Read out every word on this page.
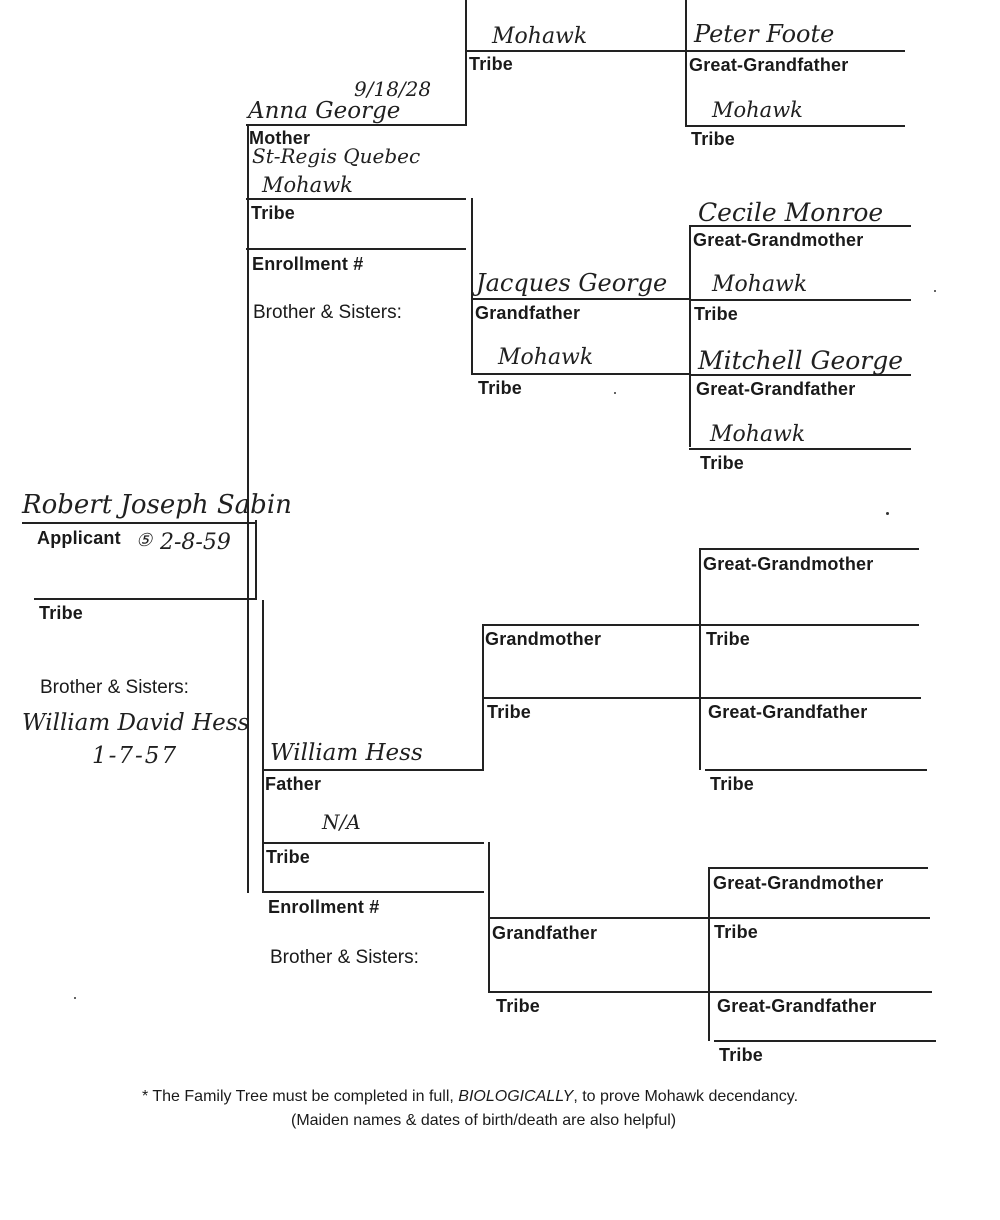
Robert Joseph Sabin
Applicant ⑤ 2-8-59
Tribe
Brother & Sisters:
William David Hess
1-7-57
9/18/28
Anna George
Mother
St-Regis Quebec
Mohawk
Tribe
Enrollment #
Brother & Sisters:
Mohawk
Tribe
Peter Foote
Great-Grandfather
Mohawk
Tribe
Jacques George
Grandfather
Mohawk
Tribe
Cecile Monroe
Great-Grandmother
Mohawk
Tribe
Mitchell George
Great-Grandfather
Mohawk
Tribe
William Hess
Father
N/A
Tribe
Enrollment #
Brother & Sisters:
Grandmother
Tribe
Great-Grandmother
Tribe
Great-Grandfather
Tribe
Grandfather
Tribe
Great-Grandmother
Tribe
Great-Grandfather
Tribe
* The Family Tree must be completed in full, BIOLOGICALLY, to prove Mohawk decendancy.
(Maiden names & dates of birth/death are also helpful)
